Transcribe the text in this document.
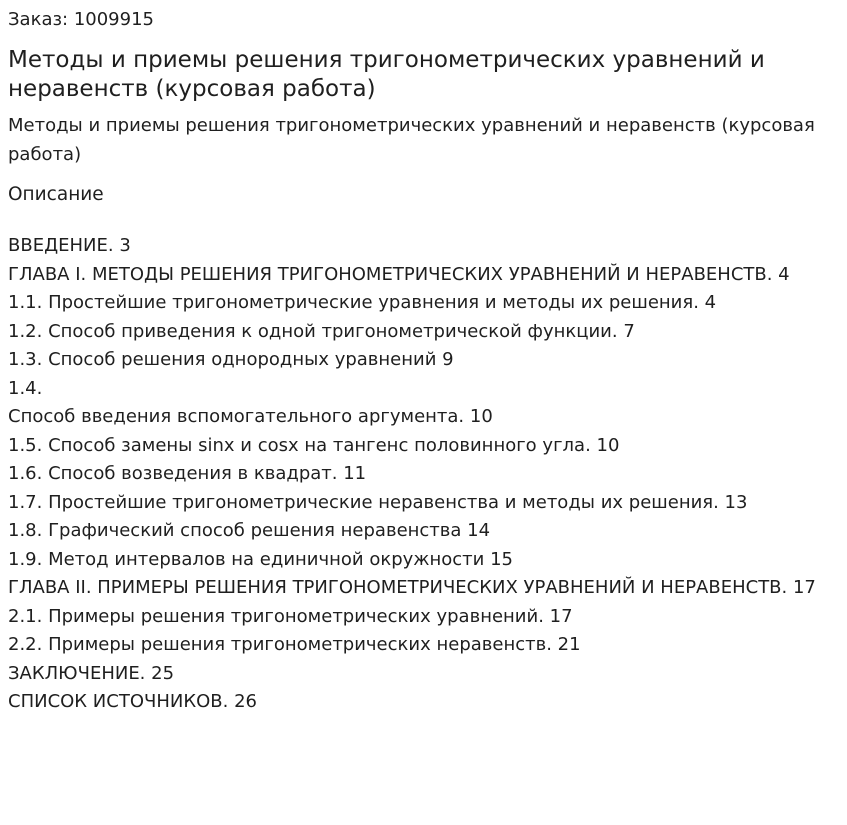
Заказ: 1009915
Методы и приемы решения тригонометрических уравнений и неравенств (курсовая работа)
Методы и приемы решения тригонометрических уравнений и неравенств (курсовая работа)
Описание
ВВЕДЕНИЕ. 3
ГЛАВА I. МЕТОДЫ РЕШЕНИЯ ТРИГОНОМЕТРИЧЕСКИХ УРАВНЕНИЙ И НЕРАВЕНСТВ. 4
1.1. Простейшие тригонометрические уравнения и методы их решения. 4
1.2. Способ приведения к одной тригонометрической функции. 7
1.3. Способ решения однородных уравнений 9
1.4.
Способ введения вспомогательного аргумента. 10
1.5. Способ замены sinx и cosx на тангенс половинного угла. 10
1.6. Способ возведения в квадрат. 11
1.7. Простейшие тригонометрические неравенства и методы их решения. 13
1.8. Графический способ решения неравенства 14
1.9. Метод интервалов на единичной окружности 15
ГЛАВА II. ПРИМЕРЫ РЕШЕНИЯ ТРИГОНОМЕТРИЧЕСКИХ УРАВНЕНИЙ И НЕРАВЕНСТВ. 17
2.1. Примеры решения тригонометрических уравнений. 17
2.2. Примеры решения тригонометрических неравенств. 21
ЗАКЛЮЧЕНИЕ. 25
СПИСОК ИСТОЧНИКОВ. 26
